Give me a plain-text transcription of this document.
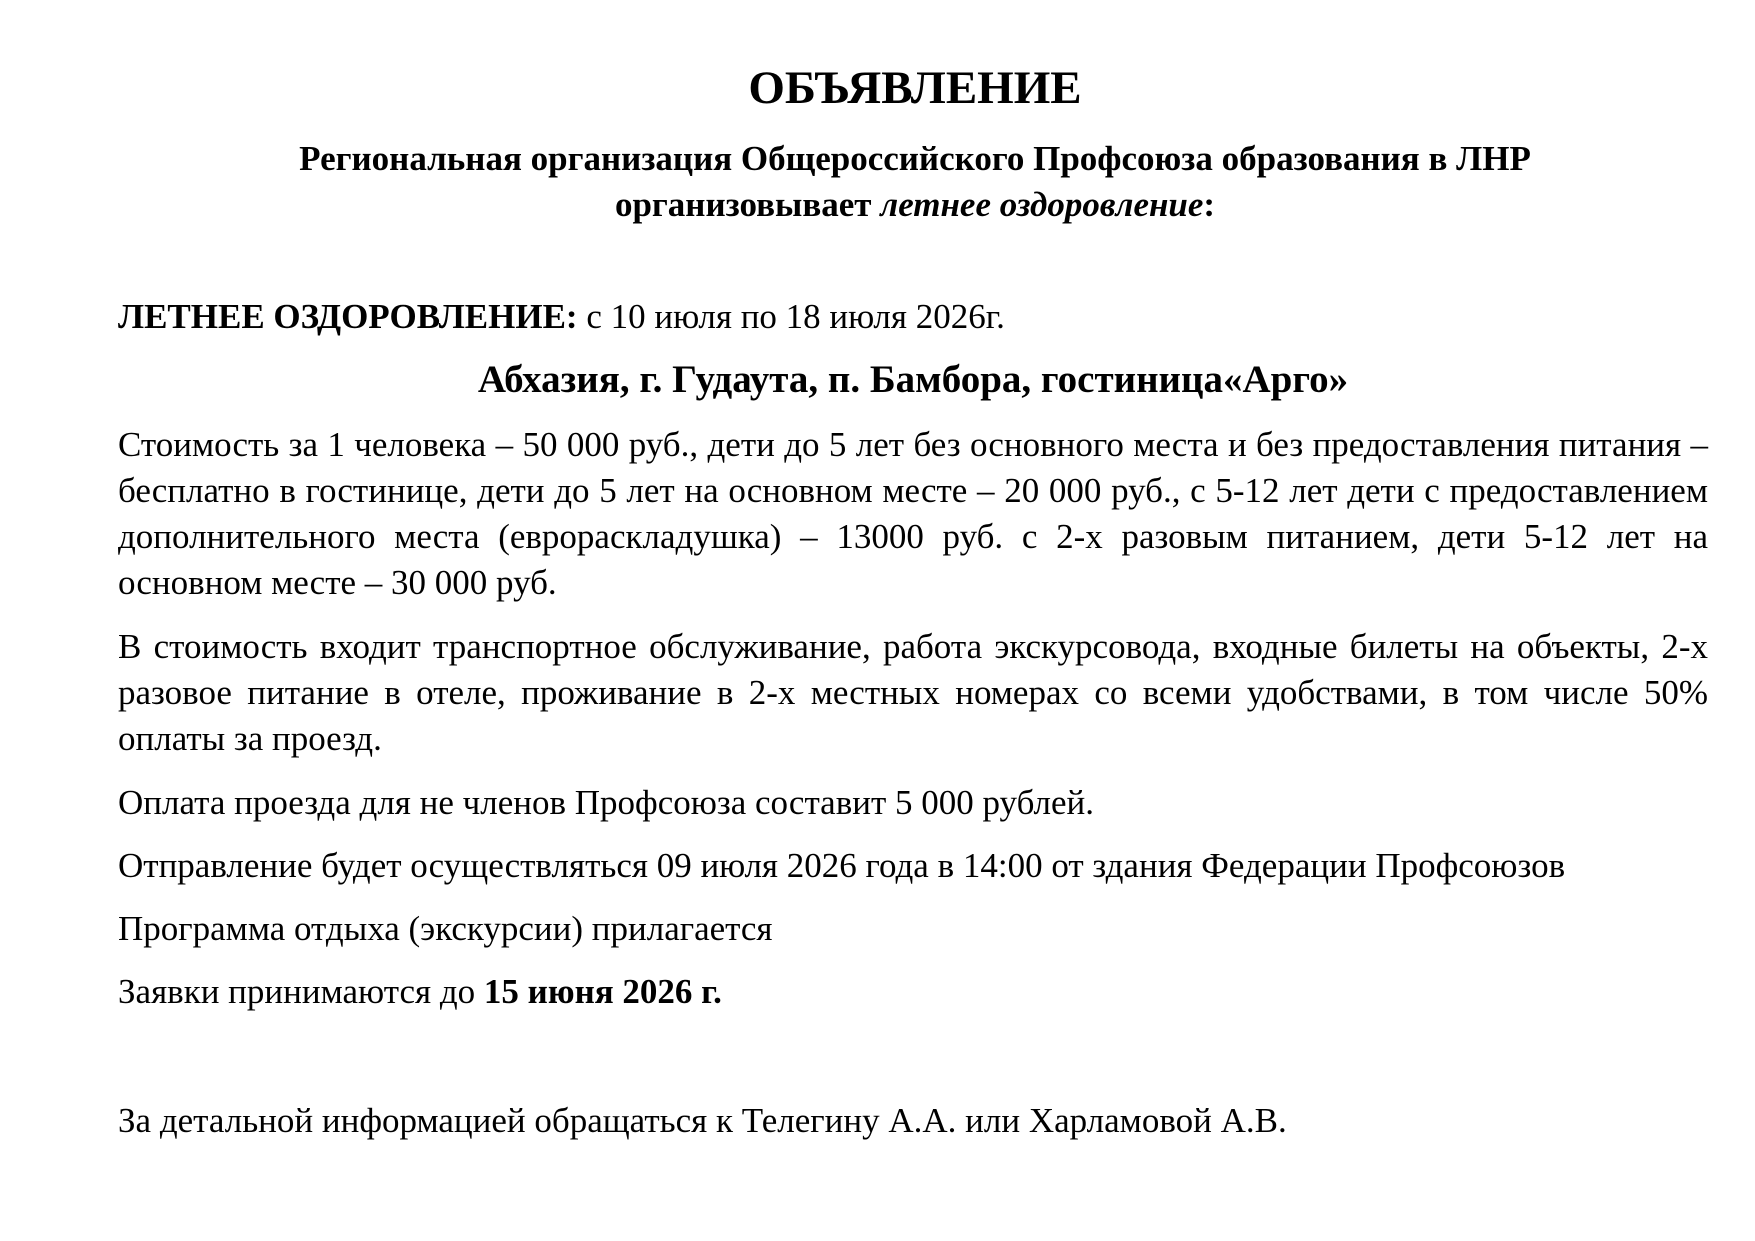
ОБЪЯВЛЕНИЕ
Региональная организация Общероссийского Профсоюза образования в ЛНР
организовывает летнее оздоровление:
ЛЕТНЕЕ ОЗДОРОВЛЕНИЕ: с 10 июля по 18 июля 2026г.
Абхазия, г. Гудаута, п. Бамбора, гостиница«Арго»
Стоимость за 1 человека – 50 000 руб., дети до 5 лет без основного места и без предоставления питания – бесплатно в гостинице, дети до 5 лет на основном месте – 20 000 руб., с 5-12 лет дети с предоставлением дополнительного места (еврораскладушка) – 13000 руб. с 2-х разовым питанием, дети 5-12 лет на основном месте – 30 000 руб.
В стоимость входит транспортное обслуживание, работа экскурсовода, входные билеты на объекты, 2-х разовое питание в отеле, проживание в 2-х местных номерах со всеми удобствами, в том числе 50% оплаты за проезд.
Оплата проезда для не членов Профсоюза составит 5 000 рублей.
Отправление будет осуществляться 09 июля 2026 года в 14:00 от здания Федерации Профсоюзов
Программа отдыха (экскурсии) прилагается
Заявки принимаются до 15 июня 2026 г.
За детальной информацией обращаться к Телегину А.А. или Харламовой А.В.
